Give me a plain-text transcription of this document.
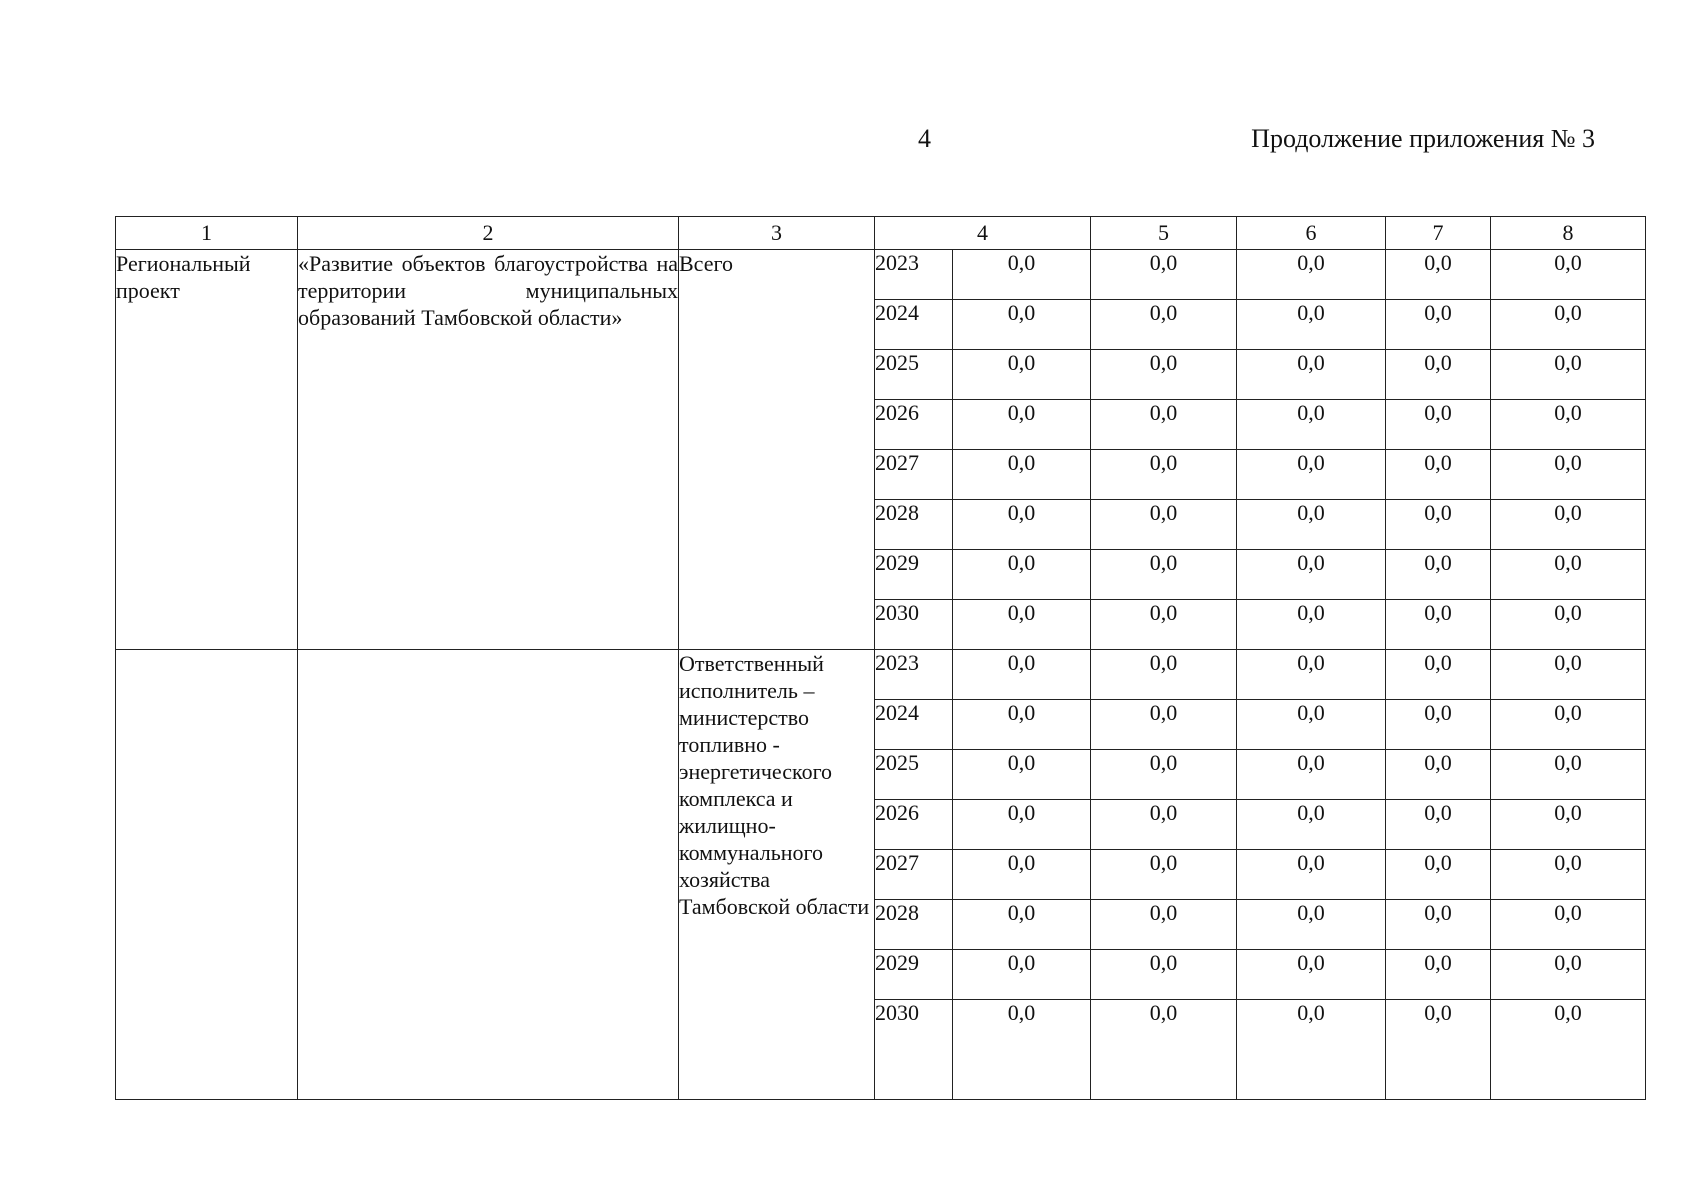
4	Продолжение приложения № 3
1	2	3	4		5	6	7	8
Региональный проект	«Развитие объектов благоустройства на территории муниципальных образований Тамбовской области»	Всего	2023	0,0	0,0	0,0	0,0	0,0
			2024	0,0	0,0	0,0	0,0	0,0
			2025	0,0	0,0	0,0	0,0	0,0
			2026	0,0	0,0	0,0	0,0	0,0
			2027	0,0	0,0	0,0	0,0	0,0
			2028	0,0	0,0	0,0	0,0	0,0
			2029	0,0	0,0	0,0	0,0	0,0
			2030	0,0	0,0	0,0	0,0	0,0
		Ответственный исполнитель – министерство топливно - энергетического комплекса и жилищно-коммунального хозяйства Тамбовской области	2023	0,0	0,0	0,0	0,0	0,0
			2024	0,0	0,0	0,0	0,0	0,0
			2025	0,0	0,0	0,0	0,0	0,0
			2026	0,0	0,0	0,0	0,0	0,0
			2027	0,0	0,0	0,0	0,0	0,0
			2028	0,0	0,0	0,0	0,0	0,0
			2029	0,0	0,0	0,0	0,0	0,0
			2030	0,0	0,0	0,0	0,0	0,0
